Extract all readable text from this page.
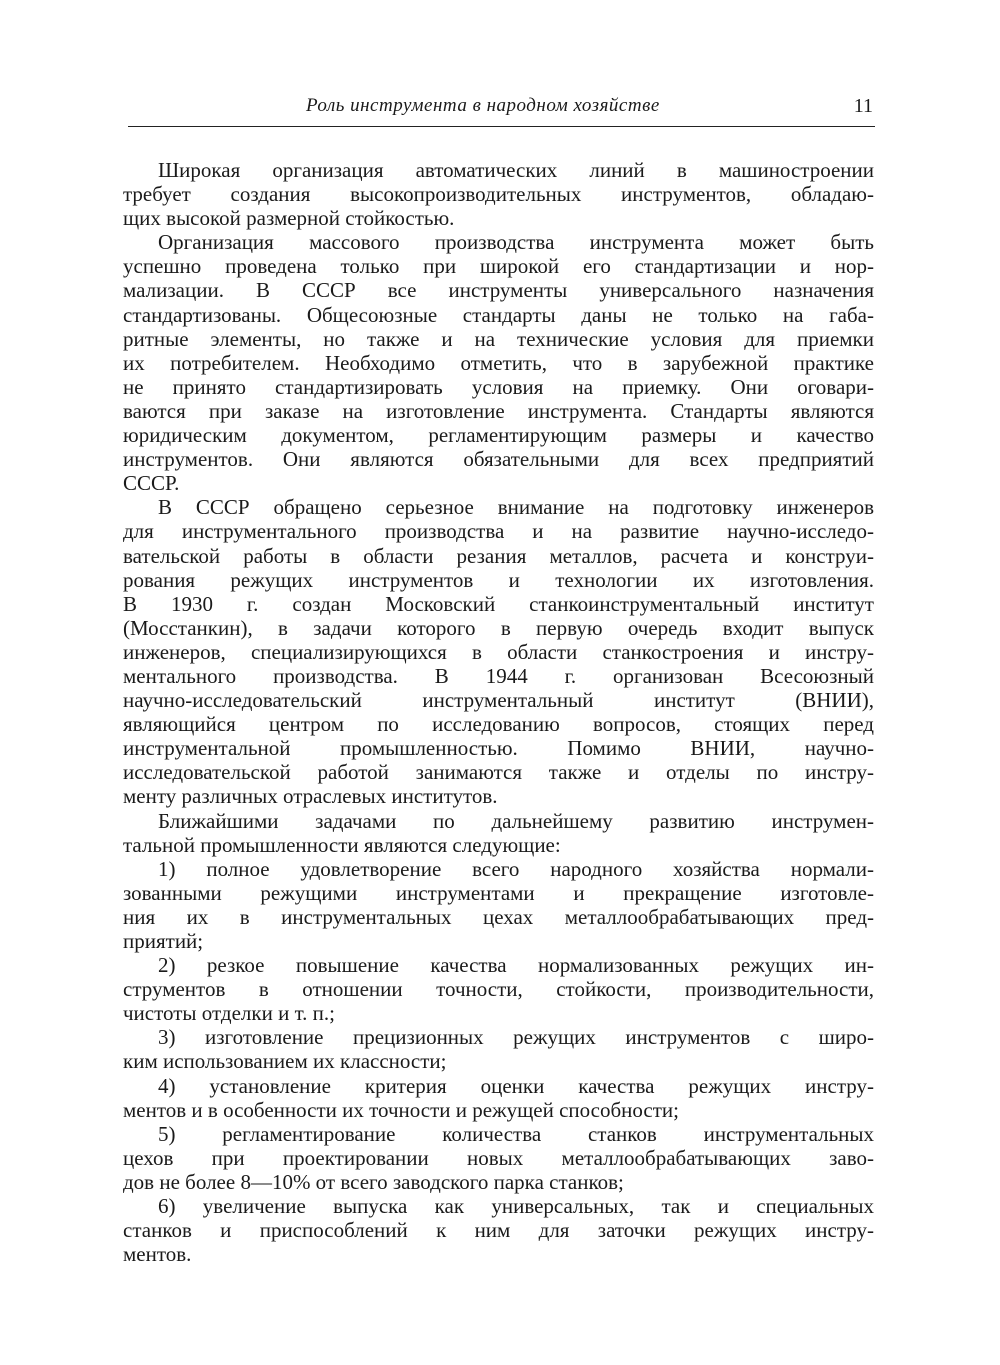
Роль инструмента в народном хозяйстве	11
Широкая организация автоматических линий в машиностроении
требует создания высокопроизводительных инструментов, обладаю-
щих высокой размерной стойкостью.
Организация массового производства инструмента может быть
успешно проведена только при широкой его стандартизации и нор-
мализации. В СССР все инструменты универсального назначения
стандартизованы. Общесоюзные стандарты даны не только на габа-
ритные элементы, но также и на технические условия для приемки
их потребителем. Необходимо отметить, что в зарубежной практике
не принято стандартизировать условия на приемку. Они оговари-
ваются при заказе на изготовление инструмента. Стандарты являются
юридическим документом, регламентирующим размеры и качество
инструментов. Они являются обязательными для всех предприятий
СССР.
В СССР обращено серьезное внимание на подготовку инженеров
для инструментального производства и на развитие научно-исследо-
вательской работы в области резания металлов, расчета и конструи-
рования режущих инструментов и технологии их изготовления.
В 1930 г. создан Московский станкоинструментальный институт
(Мосстанкин), в задачи которого в первую очередь входит выпуск
инженеров, специализирующихся в области станкостроения и инстру-
ментального производства. В 1944 г. организован Всесоюзный
научно-исследовательский инструментальный институт (ВНИИ),
являющийся центром по исследованию вопросов, стоящих перед
инструментальной промышленностью. Помимо ВНИИ, научно-
исследовательской работой занимаются также и отделы по инстру-
менту различных отраслевых институтов.
Ближайшими задачами по дальнейшему развитию инструмен-
тальной промышленности являются следующие:
1) полное удовлетворение всего народного хозяйства нормали-
зованными режущими инструментами и прекращение изготовле-
ния их в инструментальных цехах металлообрабатывающих пред-
приятий;
2) резкое повышение качества нормализованных режущих ин-
струментов в отношении точности, стойкости, производительности,
чистоты отделки и т. п.;
3) изготовление прецизионных режущих инструментов с широ-
ким использованием их классности;
4) установление критерия оценки качества режущих инстру-
ментов и в особенности их точности и режущей способности;
5) регламентирование количества станков инструментальных
цехов при проектировании новых металлообрабатывающих заво-
дов не более 8—10% от всего заводского парка станков;
6) увеличение выпуска как универсальных, так и специальных
станков и приспособлений к ним для заточки режущих инстру-
ментов.
